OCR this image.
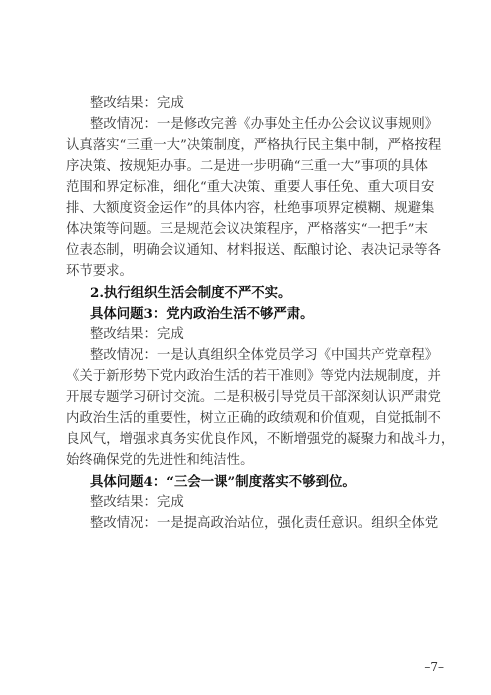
整改结果：完成
整改情况：一是修改完善《办事处主任办公会议议事规则》
认真落实“三重一大”决策制度，严格执行民主集中制，严格按程
序决策、按规矩办事。二是进一步明确“三重一大”事项的具体
范围和界定标准，细化“重大决策、重要人事任免、重大项目安
排、大额度资金运作”的具体内容，杜绝事项界定模糊、规避集
体决策等问题。三是规范会议决策程序，严格落实“一把手”末
位表态制，明确会议通知、材料报送、酝酿讨论、表决记录等各
环节要求。
2.执行组织生活会制度不严不实。
具体问题3：党内政治生活不够严肃。
整改结果：完成
整改情况：一是认真组织全体党员学习《中国共产党章程》
《关于新形势下党内政治生活的若干准则》等党内法规制度，并
开展专题学习研讨交流。二是积极引导党员干部深刻认识严肃党
内政治生活的重要性，树立正确的政绩观和价值观，自觉抵制不
良风气，增强求真务实优良作风，不断增强党的凝聚力和战斗力，
始终确保党的先进性和纯洁性。
具体问题4：“三会一课”制度落实不够到位。
整改结果：完成
整改情况：一是提高政治站位，强化责任意识。组织全体党
–7–
